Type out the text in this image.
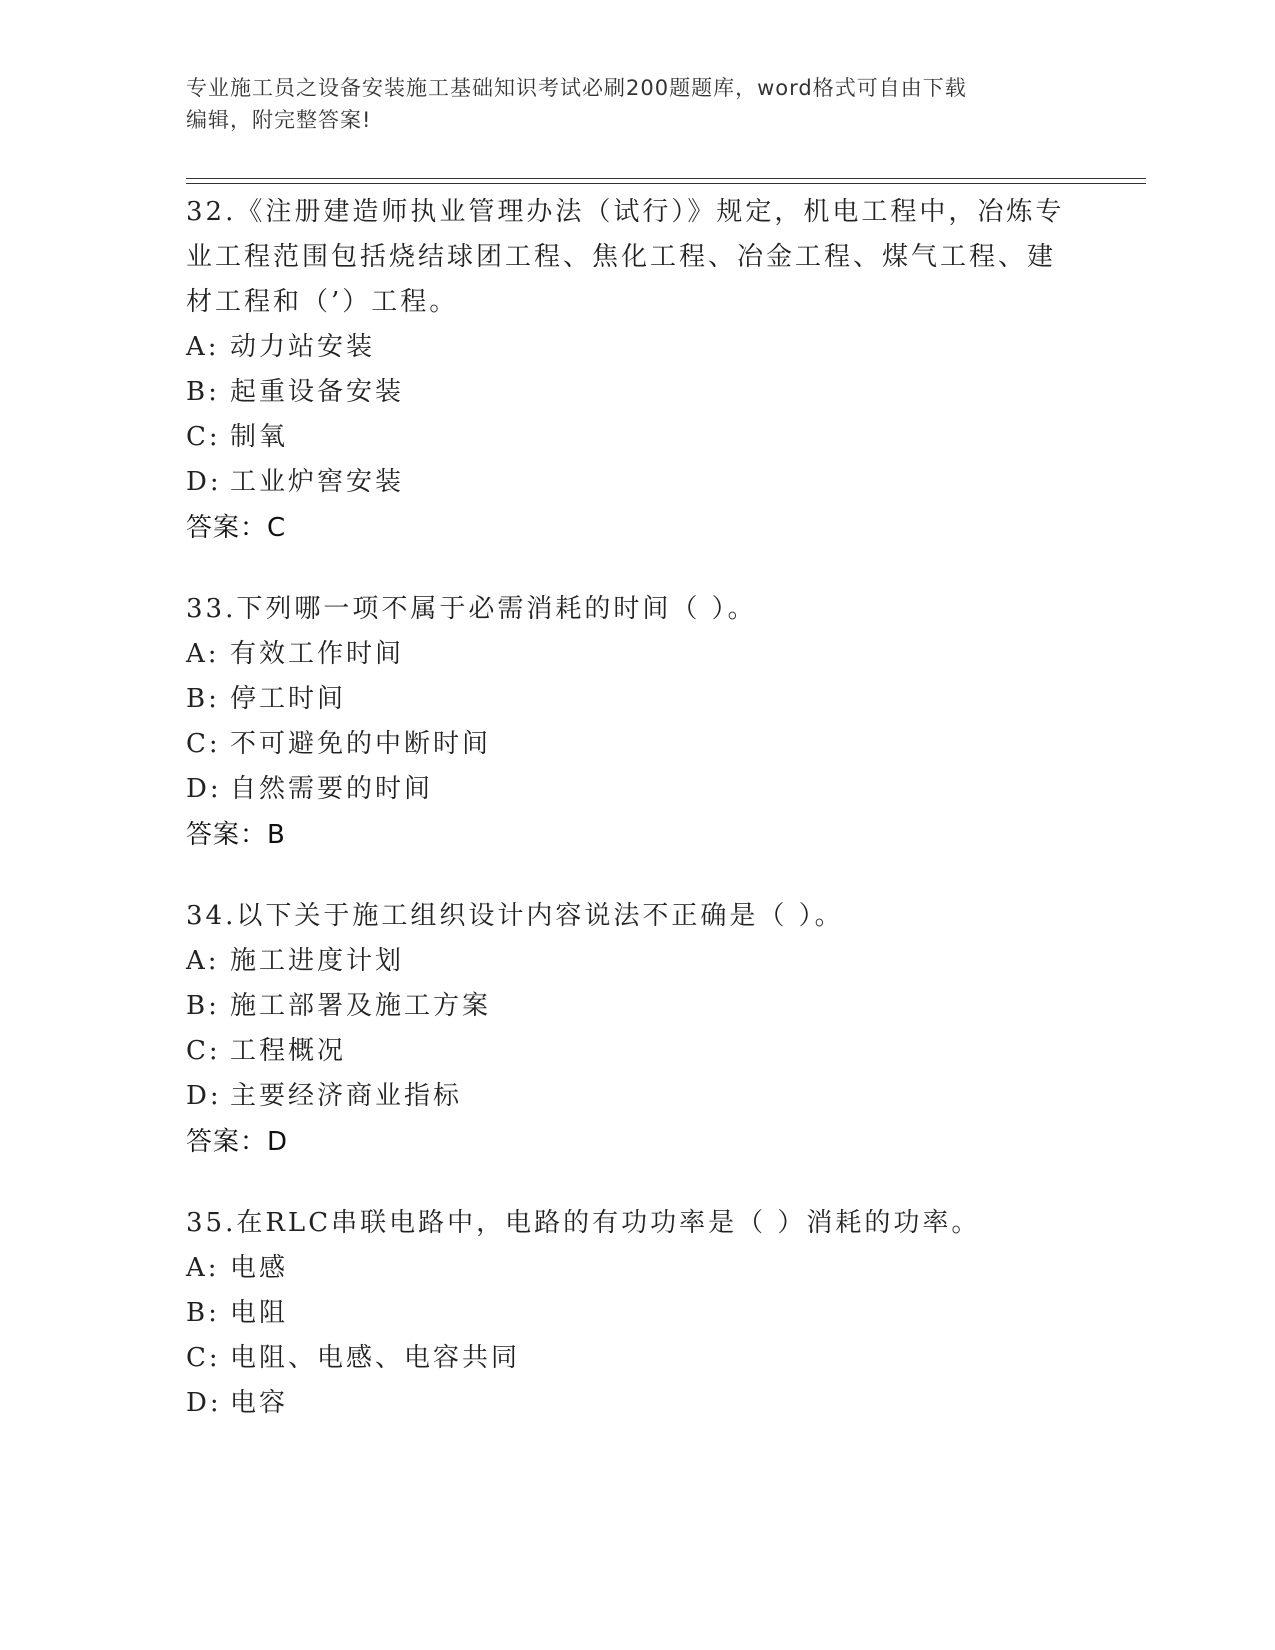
专业施工员之设备安装施工基础知识考试必刷200题题库，word格式可自由下载
编辑，附完整答案!

32.《注册建造师执业管理办法（试行）》规定，机电工程中，冶炼专

业工程范围包括烧结球团工程、焦化工程、冶金工程、煤气工程、建

材工程和（’）工程。

A: 动力站安装

B: 起重设备安装

C: 制氧

D: 工业炉窖安装

答案：C

33.下列哪一项不属于必需消耗的时间（ ）。

A: 有效工作时间

B: 停工时间

C: 不可避免的中断时间

D: 自然需要的时间

答案：B

34.以下关于施工组织设计内容说法不正确是（ ）。

A: 施工进度计划

B: 施工部署及施工方案

C: 工程概况

D: 主要经济商业指标

答案：D

35.在RLC串联电路中，电路的有功功率是（ ）消耗的功率。

A: 电感

B: 电阻

C: 电阻、电感、电容共同

D: 电容
